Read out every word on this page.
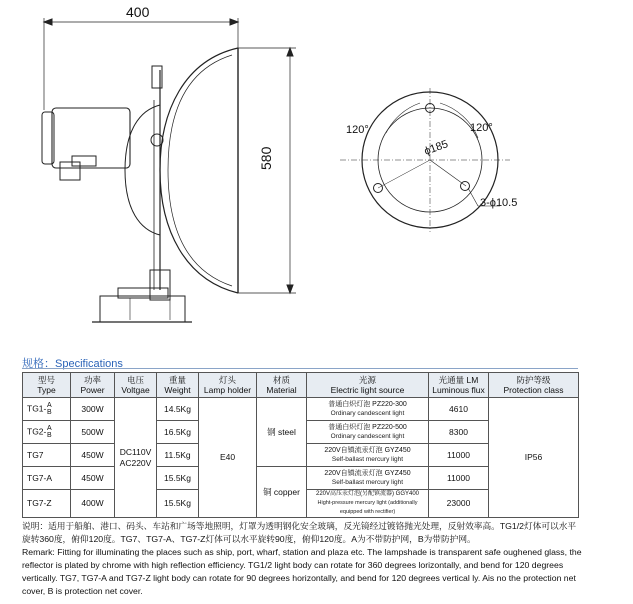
400
580
120°	120°
ϕ185
3-ϕ10.5
规格：Specifications
型号
Type	功率
Power	电压
Voltgae	重量
Weight	灯头
Lamp holder	材质
Material	光源
Electric light source	光通量 LM
Luminous flux	防护等级
Protection class
TG1-A B	300W	DC110V AC220V	14.5Kg	E40	钢 steel	普通白炽灯泡 PZ220-300
Ordinary candescent light	4610	IP56
TG2-A B	500W		16.5Kg			普通白炽灯泡 PZ220-500
Ordinary candescent light	8300	
TG7	450W		11.5Kg			220V自镇流汞灯泡 GYZ450
Self-ballast mercury light	11000	
TG7-A	450W		15.5Kg		铜 copper	220V自镇流汞灯泡 GYZ450
Self-ballast mercury light	11000	
TG7-Z	400W		15.5Kg			220V高压汞灯泡(另配镇流器) GGY400
Hight-pressure mercury light (additionally equipped with rectifier)	23000	

说明：适用于船舶、港口、码头、车站和广场等地照明，灯罩为透明钢化安全玻璃，反光镜经过镀铬抛光处理，反射效率高。TG1/2灯体可以水平旋转360度，俯仰120度。TG7、TG7-A、TG7-Z灯体可以水平旋转90度，俯仰120度。A为不带防护网，B为带防护网。

Remark: Fitting for illuminating the places such as ship, port, wharf, station and plaza etc. The lampshade is transparent safe oughened glass, the reflector is plated by chrome with high reflection efficiency. TG1/2 light body can rotate for 360 degrees lorizontally, and bend for 120 degrees vertically. TG7, TG7-A and TG7-Z light body can rotate for 90 degrees horizontally, and bend for 120 degrees vertical ly. Ais no the protection net cover, B is protection net cover.
